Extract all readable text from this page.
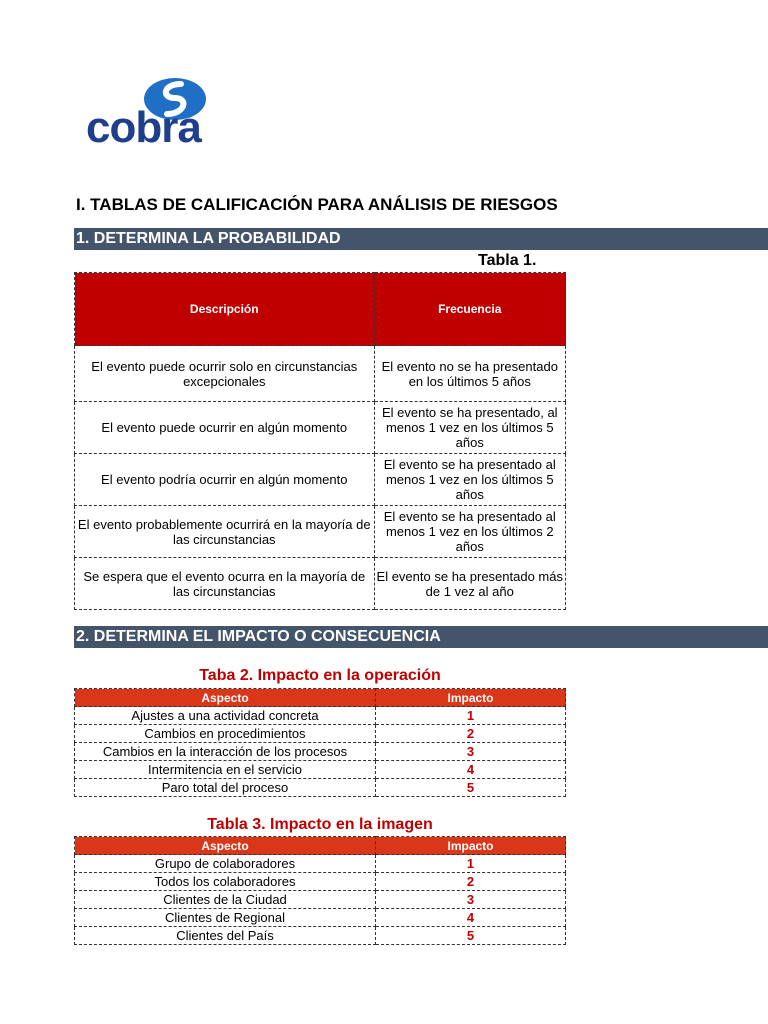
cobra
I. TABLAS DE CALIFICACIÓN PARA ANÁLISIS DE RIESGOS
1. DETERMINA LA PROBABILIDAD
Tabla 1.
Descripción	Frecuencia
El evento puede ocurrir solo en circunstancias excepcionales	El evento no se ha presentado en los últimos 5 años
El evento puede ocurrir en algún momento	El evento se ha presentado, al menos 1 vez en los últimos 5 años
El evento podría ocurrir en algún momento	El evento se ha presentado al menos 1 vez en los últimos 5 años
El evento probablemente ocurrirá en la mayoría de las circunstancias	El evento se ha presentado al menos 1 vez en los últimos 2 años
Se espera que el evento ocurra en la mayoría de las circunstancias	El evento se ha presentado más de 1 vez al año
2. DETERMINA EL IMPACTO O CONSECUENCIA
Taba 2. Impacto en la operación
Aspecto	Impacto
Ajustes a una actividad concreta	1
Cambios en procedimientos	2
Cambios en la interacción de los procesos	3
Intermitencia en el servicio	4
Paro total del proceso	5
Tabla 3. Impacto en la imagen
Aspecto	Impacto
Grupo de colaboradores	1
Todos los colaboradores	2
Clientes de la Ciudad	3
Clientes de Regional	4
Clientes del País	5
